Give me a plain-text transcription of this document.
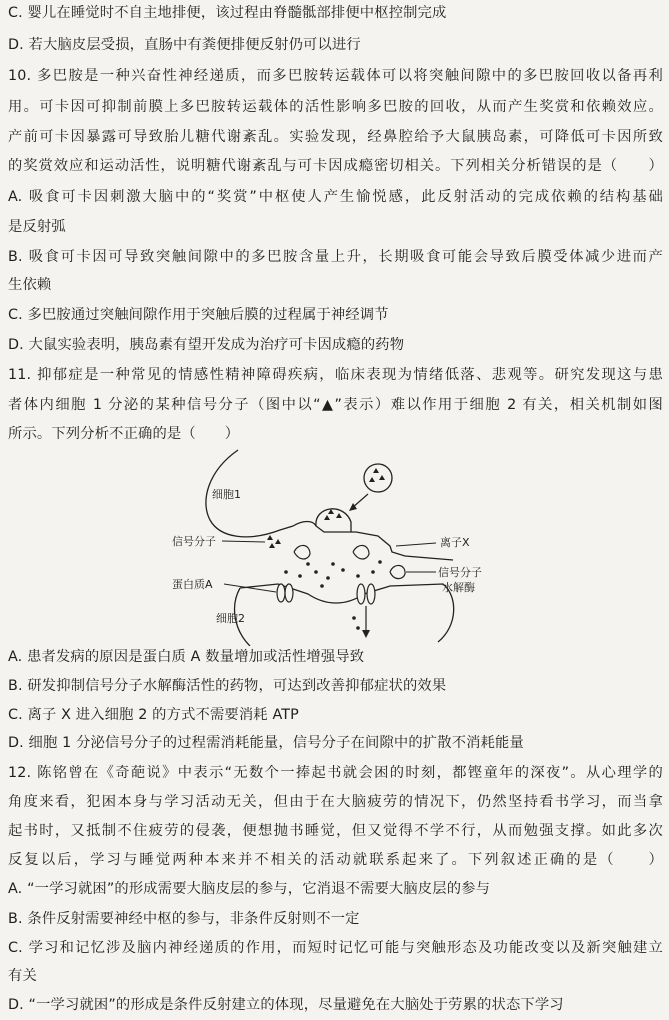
C. 婴儿在睡觉时不自主地排便，该过程由脊髓骶部排便中枢控制完成
D. 若大脑皮层受损，直肠中有粪便排便反射仍可以进行
10. 多巴胺是一种兴奋性神经递质，而多巴胺转运载体可以将突触间隙中的多巴胺回收以备再利
用。可卡因可抑制前膜上多巴胺转运载体的活性影响多巴胺的回收，从而产生奖赏和依赖效应。
产前可卡因暴露可导致胎儿糖代谢紊乱。实验发现，经鼻腔给予大鼠胰岛素，可降低可卡因所致
的奖赏效应和运动活性，说明糖代谢紊乱与可卡因成瘾密切相关。下列相关分析错误的是（　　）
A. 吸食可卡因刺激大脑中的“奖赏”中枢使人产生愉悦感，此反射活动的完成依赖的结构基础
是反射弧
B. 吸食可卡因可导致突触间隙中的多巴胺含量上升，长期吸食可能会导致后膜受体减少进而产
生依赖
C. 多巴胺通过突触间隙作用于突触后膜的过程属于神经调节
D. 大鼠实验表明，胰岛素有望开发成为治疗可卡因成瘾的药物
11. 抑郁症是一种常见的情感性精神障碍疾病，临床表现为情绪低落、悲观等。研究发现这与患
者体内细胞 1 分泌的某种信号分子（图中以“▲”表示）难以作用于细胞 2 有关，相关机制如图
所示。下列分析不正确的是（　　）
细胞1
信号分子
蛋白质A
细胞2
离子X
信号分子
水解酶
A. 患者发病的原因是蛋白质 A 数量增加或活性增强导致
B. 研发抑制信号分子水解酶活性的药物，可达到改善抑郁症状的效果
C. 离子 X 进入细胞 2 的方式不需要消耗 ATP
D. 细胞 1 分泌信号分子的过程需消耗能量，信号分子在间隙中的扩散不消耗能量
12. 陈铭曾在《奇葩说》中表示“无数个一捧起书就会困的时刻，都铿童年的深夜”。从心理学的
角度来看，犯困本身与学习活动无关，但由于在大脑疲劳的情况下，仍然坚持看书学习，而当拿
起书时，又抵制不住疲劳的侵袭，便想抛书睡觉，但又觉得不学不行，从而勉强支撑。如此多次
反复以后，学习与睡觉两种本来并不相关的活动就联系起来了。下列叙述正确的是（　　）
A. “一学习就困”的形成需要大脑皮层的参与，它消退不需要大脑皮层的参与
B. 条件反射需要神经中枢的参与，非条件反射则不一定
C. 学习和记忆涉及脑内神经递质的作用，而短时记忆可能与突触形态及功能改变以及新突触建立
有关
D. “一学习就困”的形成是条件反射建立的体现，尽量避免在大脑处于劳累的状态下学习
